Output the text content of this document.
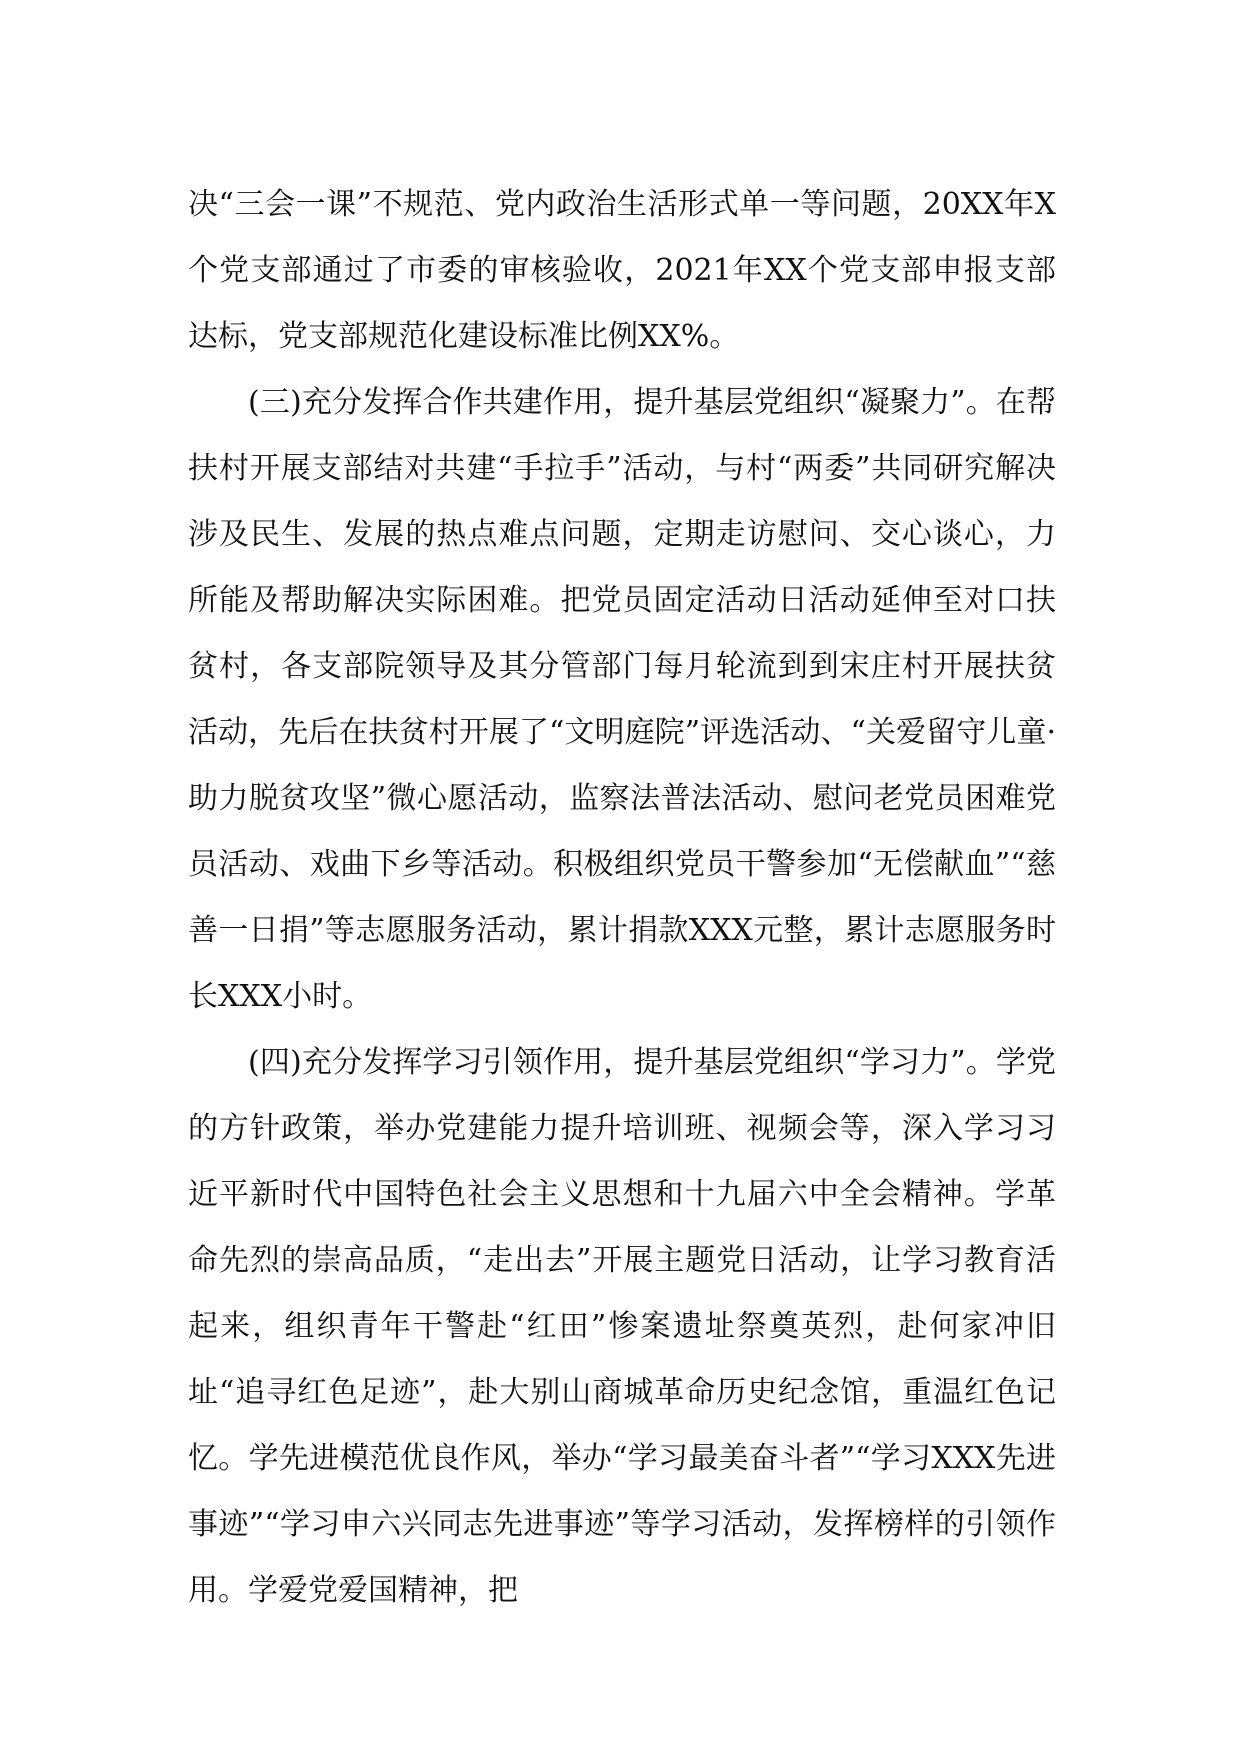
决“三会一课”不规范、党内政治生活形式单一等问题，20XX年X个党支部通过了市委的审核验收，2021年XX个党支部申报支部达标，党支部规范化建设标准比例XX%。

(三)充分发挥合作共建作用，提升基层党组织“凝聚力”。在帮扶村开展支部结对共建“手拉手”活动，与村“两委”共同研究解决涉及民生、发展的热点难点问题，定期走访慰问、交心谈心，力所能及帮助解决实际困难。把党员固定活动日活动延伸至对口扶贫村，各支部院领导及其分管部门每月轮流到到宋庄村开展扶贫活动，先后在扶贫村开展了“文明庭院”评选活动、“关爱留守儿童·助力脱贫攻坚”微心愿活动，监察法普法活动、慰问老党员困难党员活动、戏曲下乡等活动。积极组织党员干警参加“无偿献血”“慈善一日捐”等志愿服务活动，累计捐款XXX元整，累计志愿服务时长XXX小时。

(四)充分发挥学习引领作用，提升基层党组织“学习力”。学党的方针政策，举办党建能力提升培训班、视频会等，深入学习习近平新时代中国特色社会主义思想和十九届六中全会精神。学革命先烈的崇高品质，“走出去”开展主题党日活动，让学习教育活起来，组织青年干警赴“红田”惨案遗址祭奠英烈，赴何家冲旧址“追寻红色足迹”，赴大别山商城革命历史纪念馆，重温红色记忆。学先进模范优良作风，举办“学习最美奋斗者”“学习XXX先进事迹”“学习申六兴同志先进事迹”等学习活动，发挥榜样的引领作用。学爱党爱国精神，把
